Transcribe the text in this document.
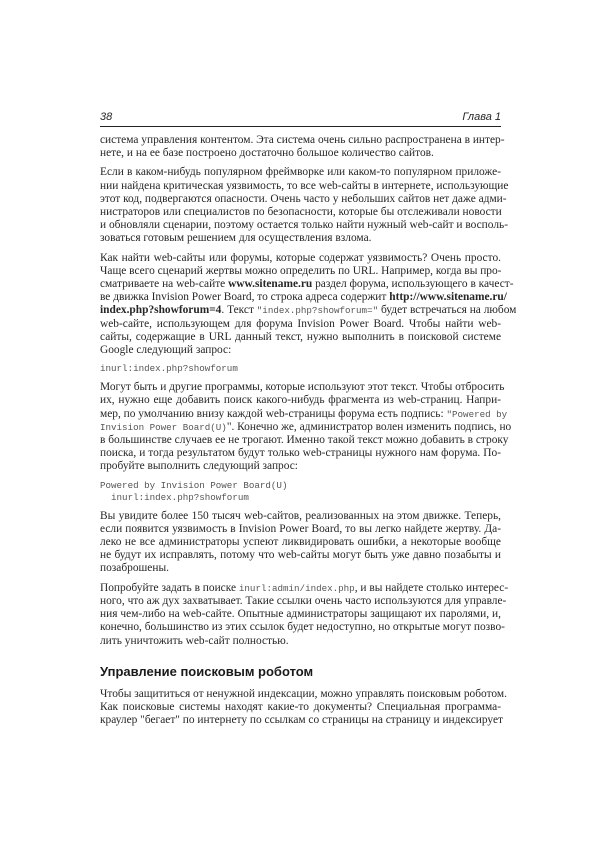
38	Глава 1
система управления контентом. Эта система очень сильно распространена в интер-
нете, и на ее базе построено достаточно большое количество сайтов.
Если в каком-нибудь популярном фреймворке или каком-то популярном приложе-
нии найдена критическая уязвимость, то все web-сайты в интернете, использующие
этот код, подвергаются опасности. Очень часто у небольших сайтов нет даже адми-
нистраторов или специалистов по безопасности, которые бы отслеживали новости
и обновляли сценарии, поэтому остается только найти нужный web-сайт и восполь-
зоваться готовым решением для осуществления взлома.
Как найти web-сайты или форумы, которые содержат уязвимость? Очень просто.
Чаще всего сценарий жертвы можно определить по URL. Например, когда вы про-
сматриваете на web-сайте www.sitename.ru раздел форума, использующего в качест-
ве движка Invision Power Board, то строка адреса содержит http://www.sitename.ru/
index.php?showforum=4. Текст "index.php?showforum=" будет встречаться на любом
web-сайте, использующем для форума Invision Power Board. Чтобы найти web-
сайты, содержащие в URL данный текст, нужно выполнить в поисковой системе
Google следующий запрос:
inurl:index.php?showforum
Могут быть и другие программы, которые используют этот текст. Чтобы отбросить
их, нужно еще добавить поиск какого-нибудь фрагмента из web-страниц. Напри-
мер, по умолчанию внизу каждой web-страницы форума есть подпись: "Powered by
Invision Power Board(U)". Конечно же, администратор волен изменить подпись, но
в большинстве случаев ее не трогают. Именно такой текст можно добавить в строку
поиска, и тогда результатом будут только web-страницы нужного нам форума. По-
пробуйте выполнить следующий запрос:
Powered by Invision Power Board(U)
inurl:index.php?showforum
Вы увидите более 150 тысяч web-сайтов, реализованных на этом движке. Теперь,
если появится уязвимость в Invision Power Board, то вы легко найдете жертву. Да-
леко не все администраторы успеют ликвидировать ошибки, а некоторые вообще
не будут их исправлять, потому что web-сайты могут быть уже давно позабыты и
позаброшены.
Попробуйте задать в поиске inurl:admin/index.php, и вы найдете столько интерес-
ного, что аж дух захватывает. Такие ссылки очень часто используются для управле-
ния чем-либо на web-сайте. Опытные администраторы защищают их паролями, и,
конечно, большинство из этих ссылок будет недоступно, но открытые могут позво-
лить уничтожить web-сайт полностью.
Управление поисковым роботом
Чтобы защититься от ненужной индексации, можно управлять поисковым роботом.
Как поисковые системы находят какие-то документы? Специальная программа-
краулер "бегает" по интернету по ссылкам со страницы на страницу и индексирует
